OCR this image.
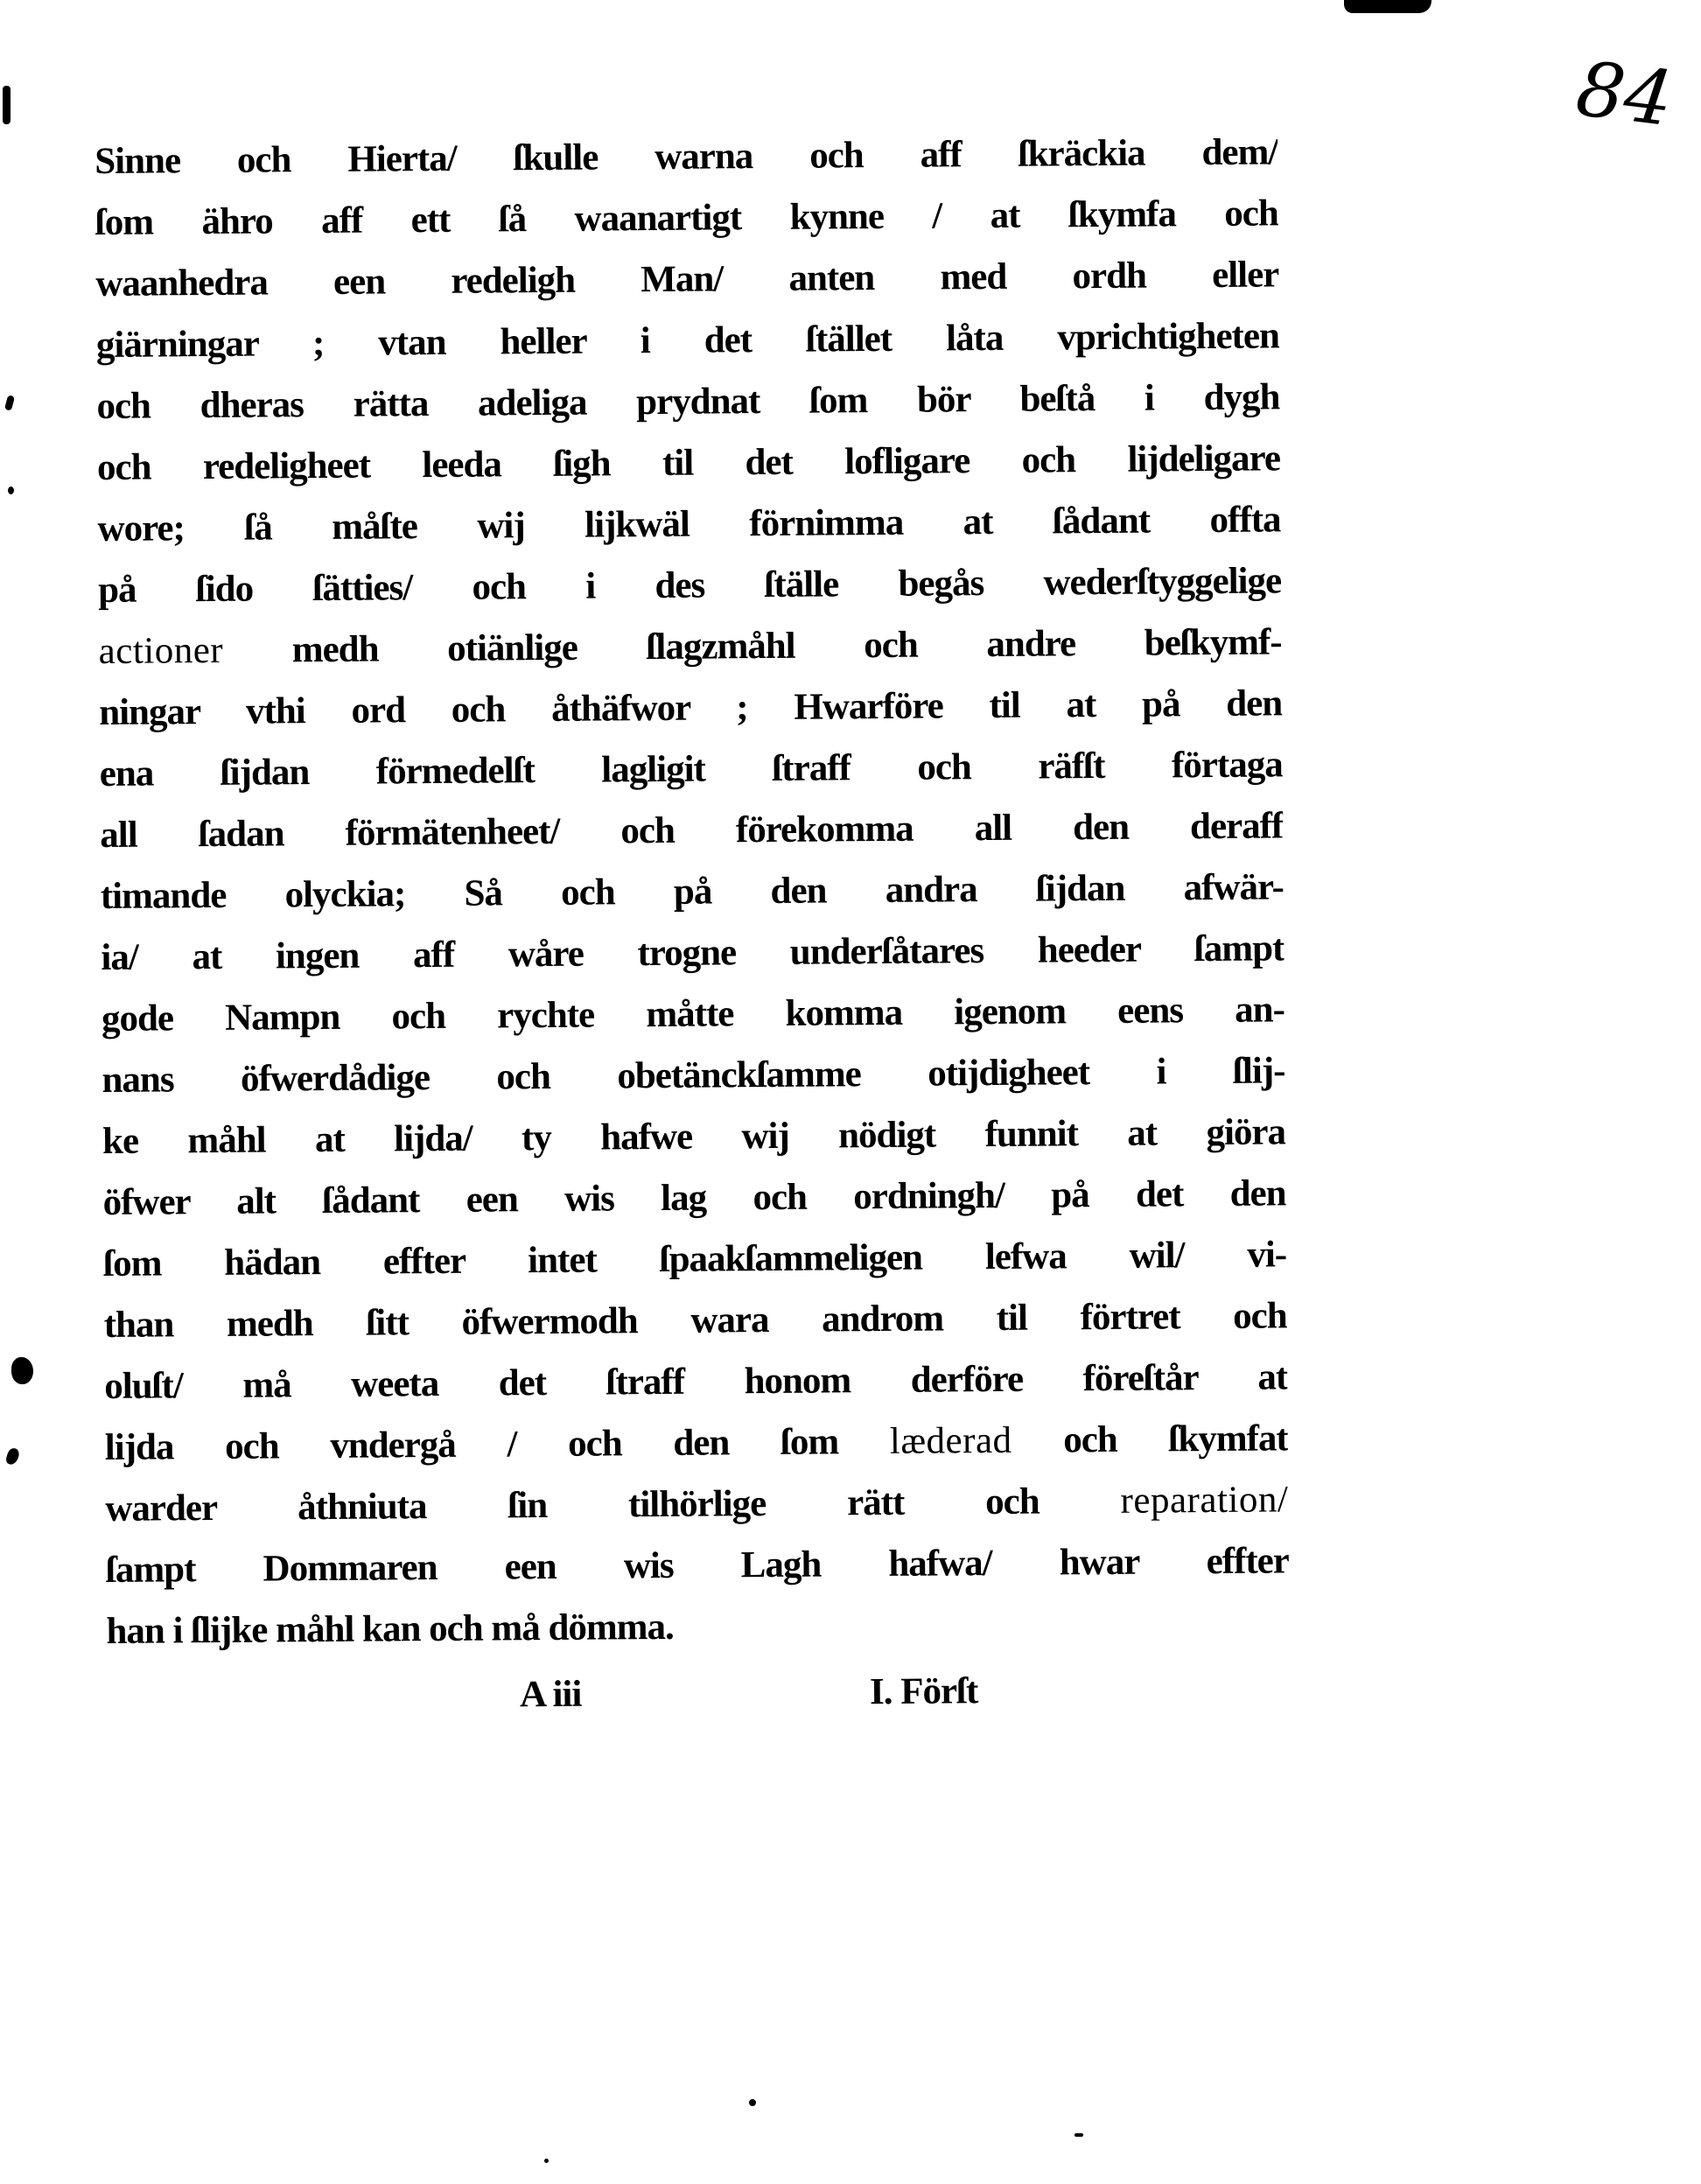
84
Sinne och Hierta/ ſkulle warna och aff ſkräckia dem/
ſom ähro aff ett ſå waanartigt kynne / at ſkymfa och
waanhedra een redeligh Man/ anten med ordh eller
giärningar ; vtan heller i det ſtället låta vprichtigheten
och dheras rätta adeliga prydnat ſom bör beſtå i dygh
och redeligheet leeda ſigh til det lofligare och lijdeligare
wore; ſå måſte wij lijkwäl förnimma at ſådant offta
på ſido ſätties/ och i des ſtälle begås wederſtyggelige
actioner medh otiänlige ſlagzmåhl och andre beſkymf-
ningar vthi ord och åthäfwor ; Hwarföre til at på den
ena ſijdan förmedelſt lagligit ſtraff och räfſt förtaga
all ſadan förmätenheet/ och förekomma all den deraff
timande olyckia; Så och på den andra ſijdan afwär-
ia/ at ingen aff wåre trogne underſåtares heeder ſampt
gode Nampn och rychte måtte komma igenom eens an-
nans öfwerdådige och obetänckſamme otijdigheet i ſlij-
ke måhl at lijda/ ty hafwe wij nödigt funnit at giöra
öfwer alt ſådant een wis lag och ordningh/ på det den
ſom hädan effter intet ſpaakſammeligen lefwa wil/ vi-
than medh ſitt öfwermodh wara androm til förtret och
oluſt/ må weeta det ſtraff honom derföre föreſtår at
lijda och vndergå / och den ſom læderad och ſkymfat
warder åthniuta ſin tilhörlige rätt och reparation/
ſampt Dommaren een wis Lagh hafwa/ hwar effter
han i ſlijke måhl kan och må dömma.
A iii	I. Förſt
